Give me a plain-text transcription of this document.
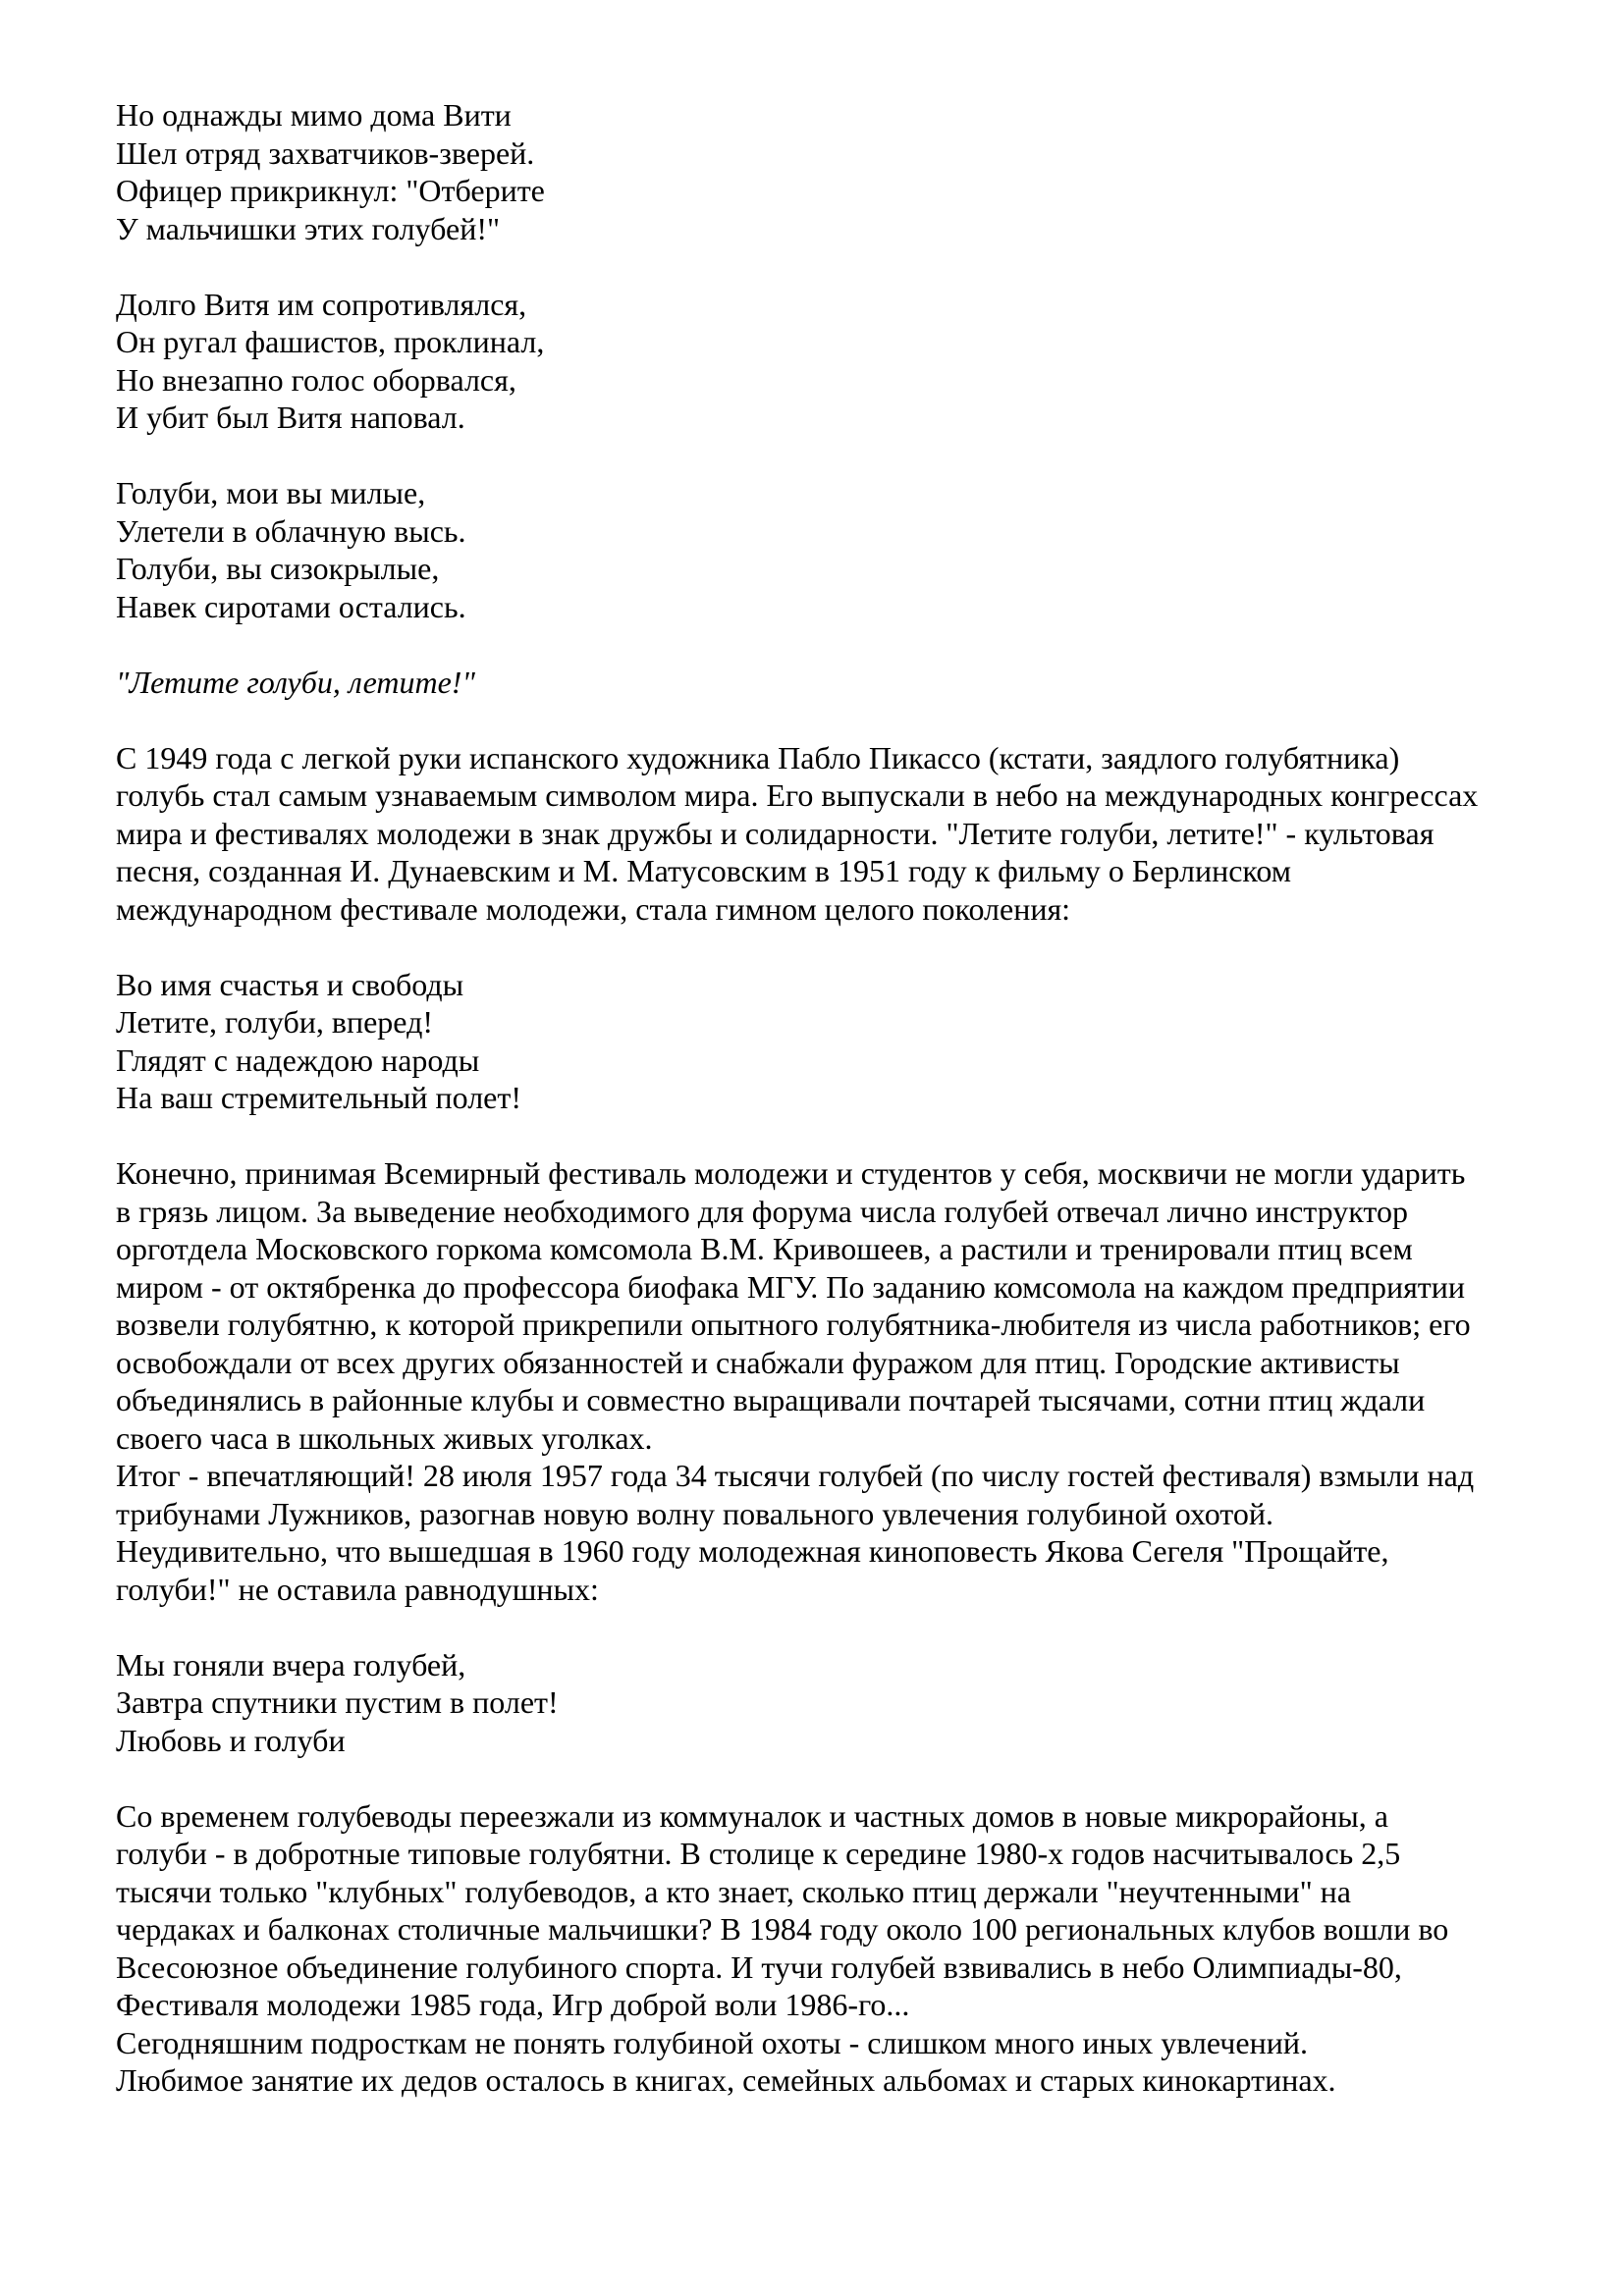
Но однажды мимо дома Вити
Шел отряд захватчиков-зверей.
Офицер прикрикнул: "Отберите
У мальчишки этих голубей!"
Долго Витя им сопротивлялся,
Он ругал фашистов, проклинал,
Но внезапно голос оборвался,
И убит был Витя наповал.
Голуби, мои вы милые,
Улетели в облачную высь.
Голуби, вы сизокрылые,
Навек сиротами остались.
"Летите голуби, летите!"
С 1949 года с легкой руки испанского художника Пабло Пикассо (кстати, заядлого голубятника)
голубь стал самым узнаваемым символом мира. Его выпускали в небо на международных конгрессах
мира и фестивалях молодежи в знак дружбы и солидарности. "Летите голуби, летите!" - культовая
песня, созданная И. Дунаевским и М. Матусовским в 1951 году к фильму о Берлинском
международном фестивале молодежи, стала гимном целого поколения:
Во имя счастья и свободы
Летите, голуби, вперед!
Глядят с надеждою народы
На ваш стремительный полет!
Конечно, принимая Всемирный фестиваль молодежи и студентов у себя, москвичи не могли ударить
в грязь лицом. За выведение необходимого для форума числа голубей отвечал лично инструктор
орготдела Московского горкома комсомола В.М. Кривошеев, а растили и тренировали птиц всем
миром - от октябренка до профессора биофака МГУ. По заданию комсомола на каждом предприятии
возвели голубятню, к которой прикрепили опытного голубятника-любителя из числа работников; его
освобождали от всех других обязанностей и снабжали фуражом для птиц. Городские активисты
объединялись в районные клубы и совместно выращивали почтарей тысячами, сотни птиц ждали
своего часа в школьных живых уголках.
Итог - впечатляющий! 28 июля 1957 года 34 тысячи голубей (по числу гостей фестиваля) взмыли над
трибунами Лужников, разогнав новую волну повального увлечения голубиной охотой.
Неудивительно, что вышедшая в 1960 году молодежная киноповесть Якова Сегеля "Прощайте,
голуби!" не оставила равнодушных:
Мы гоняли вчера голубей,
Завтра спутники пустим в полет!
Любовь и голуби
Со временем голубеводы переезжали из коммуналок и частных домов в новые микрорайоны, а
голуби - в добротные типовые голубятни. В столице к середине 1980-х годов насчитывалось 2,5
тысячи только "клубных" голубеводов, а кто знает, сколько птиц держали "неучтенными" на
чердаках и балконах столичные мальчишки? В 1984 году около 100 региональных клубов вошли во
Всесоюзное объединение голубиного спорта. И тучи голубей взвивались в небо Олимпиады-80,
Фестиваля молодежи 1985 года, Игр доброй воли 1986-го...
Сегодняшним подросткам не понять голубиной охоты - слишком много иных увлечений.
Любимое занятие их дедов осталось в книгах, семейных альбомах и старых кинокартинах.
